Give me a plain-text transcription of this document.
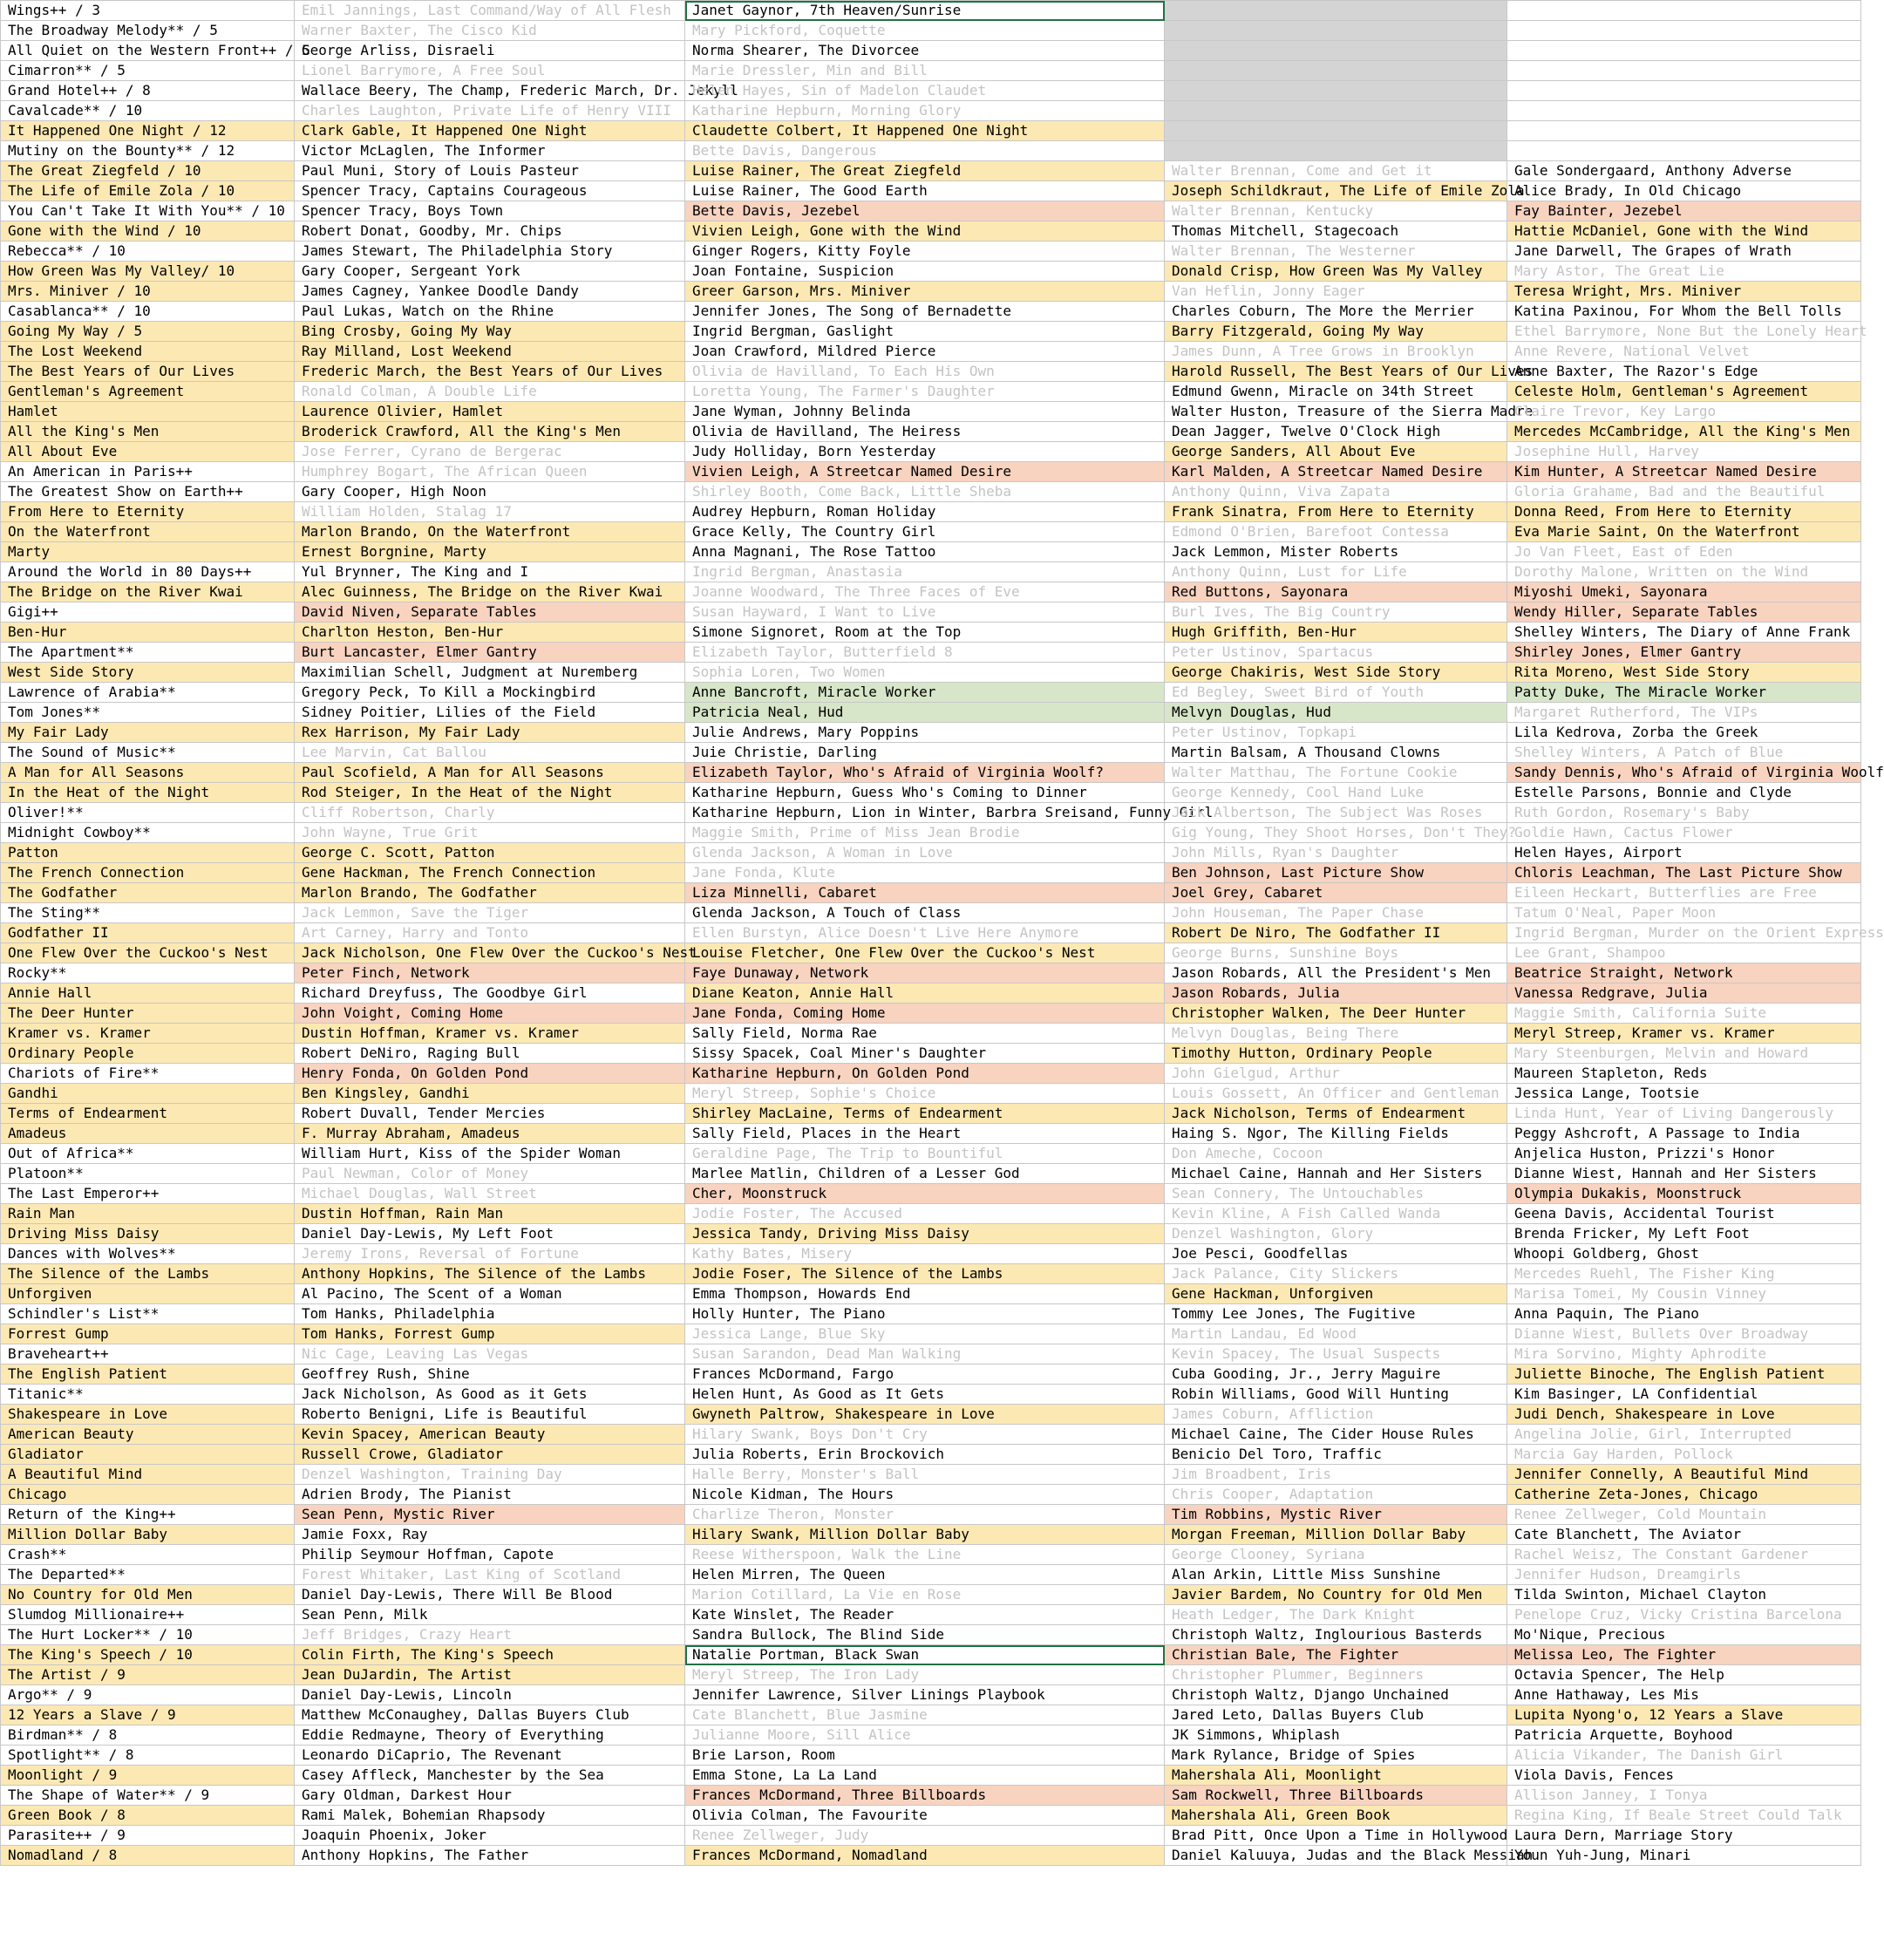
Wings++ / 3	Emil Jannings, Last Command/Way of All Flesh	Janet Gaynor, 7th Heaven/Sunrise		
The Broadway Melody** / 5	Warner Baxter, The Cisco Kid	Mary Pickford, Coquette		
All Quiet on the Western Front++ / 5	George Arliss, Disraeli	Norma Shearer, The Divorcee		
Cimarron** / 5	Lionel Barrymore, A Free Soul	Marie Dressler, Min and Bill		
Grand Hotel++ / 8	Wallace Beery, The Champ, Frederic March, Dr. Jekyll	Helen Hayes, Sin of Madelon Claudet		
Cavalcade** / 10	Charles Laughton, Private Life of Henry VIII	Katharine Hepburn, Morning Glory		
It Happened One Night / 12	Clark Gable, It Happened One Night	Claudette Colbert, It Happened One Night		
Mutiny on the Bounty** / 12	Victor McLaglen, The Informer	Bette Davis, Dangerous		
The Great Ziegfeld / 10	Paul Muni, Story of Louis Pasteur	Luise Rainer, The Great Ziegfeld	Walter Brennan, Come and Get it	Gale Sondergaard, Anthony Adverse
The Life of Emile Zola / 10	Spencer Tracy, Captains Courageous	Luise Rainer, The Good Earth	Joseph Schildkraut, The Life of Emile Zola	Alice Brady, In Old Chicago
You Can't Take It With You** / 10	Spencer Tracy, Boys Town	Bette Davis, Jezebel	Walter Brennan, Kentucky	Fay Bainter, Jezebel
Gone with the Wind / 10	Robert Donat, Goodby, Mr. Chips	Vivien Leigh, Gone with the Wind	Thomas Mitchell, Stagecoach	Hattie McDaniel, Gone with the Wind
Rebecca** / 10	James Stewart, The Philadelphia Story	Ginger Rogers, Kitty Foyle	Walter Brennan, The Westerner	Jane Darwell, The Grapes of Wrath
How Green Was My Valley/ 10	Gary Cooper, Sergeant York	Joan Fontaine, Suspicion	Donald Crisp, How Green Was My Valley	Mary Astor, The Great Lie
Mrs. Miniver / 10	James Cagney, Yankee Doodle Dandy	Greer Garson, Mrs. Miniver	Van Heflin, Jonny Eager	Teresa Wright, Mrs. Miniver
Casablanca** / 10	Paul Lukas, Watch on the Rhine	Jennifer Jones, The Song of Bernadette	Charles Coburn, The More the Merrier	Katina Paxinou, For Whom the Bell Tolls
Going My Way / 5	Bing Crosby, Going My Way	Ingrid Bergman, Gaslight	Barry Fitzgerald, Going My Way	Ethel Barrymore, None But the Lonely Heart
The Lost Weekend	Ray Milland, Lost Weekend	Joan Crawford, Mildred Pierce	James Dunn, A Tree Grows in Brooklyn	Anne Revere, National Velvet
The Best Years of Our Lives	Frederic March, the Best Years of Our Lives	Olivia de Havilland, To Each His Own	Harold Russell, The Best Years of Our Lives	Anne Baxter, The Razor's Edge
Gentleman's Agreement	Ronald Colman, A Double Life	Loretta Young, The Farmer's Daughter	Edmund Gwenn, Miracle on 34th Street	Celeste Holm, Gentleman's Agreement
Hamlet	Laurence Olivier, Hamlet	Jane Wyman, Johnny Belinda	Walter Huston, Treasure of the Sierra Madre	Claire Trevor, Key Largo
All the King's Men	Broderick Crawford, All the King's Men	Olivia de Havilland, The Heiress	Dean Jagger, Twelve O'Clock High	Mercedes McCambridge, All the King's Men
All About Eve	Jose Ferrer, Cyrano de Bergerac	Judy Holliday, Born Yesterday	George Sanders, All About Eve	Josephine Hull, Harvey
An American in Paris++	Humphrey Bogart, The African Queen	Vivien Leigh, A Streetcar Named Desire	Karl Malden, A Streetcar Named Desire	Kim Hunter, A Streetcar Named Desire
The Greatest Show on Earth++	Gary Cooper, High Noon	Shirley Booth, Come Back, Little Sheba	Anthony Quinn, Viva Zapata	Gloria Grahame, Bad and the Beautiful
From Here to Eternity	William Holden, Stalag 17	Audrey Hepburn, Roman Holiday	Frank Sinatra, From Here to Eternity	Donna Reed, From Here to Eternity
On the Waterfront	Marlon Brando, On the Waterfront	Grace Kelly, The Country Girl	Edmond O'Brien, Barefoot Contessa	Eva Marie Saint, On the Waterfront
Marty	Ernest Borgnine, Marty	Anna Magnani, The Rose Tattoo	Jack Lemmon, Mister Roberts	Jo Van Fleet, East of Eden
Around the World in 80 Days++	Yul Brynner, The King and I	Ingrid Bergman, Anastasia	Anthony Quinn, Lust for Life	Dorothy Malone, Written on the Wind
The Bridge on the River Kwai	Alec Guinness, The Bridge on the River Kwai	Joanne Woodward, The Three Faces of Eve	Red Buttons, Sayonara	Miyoshi Umeki, Sayonara
Gigi++	David Niven, Separate Tables	Susan Hayward, I Want to Live	Burl Ives, The Big Country	Wendy Hiller, Separate Tables
Ben-Hur	Charlton Heston, Ben-Hur	Simone Signoret, Room at the Top	Hugh Griffith, Ben-Hur	Shelley Winters, The Diary of Anne Frank
The Apartment**	Burt Lancaster, Elmer Gantry	Elizabeth Taylor, Butterfield 8	Peter Ustinov, Spartacus	Shirley Jones, Elmer Gantry
West Side Story	Maximilian Schell, Judgment at Nuremberg	Sophia Loren, Two Women	George Chakiris, West Side Story	Rita Moreno, West Side Story
Lawrence of Arabia**	Gregory Peck, To Kill a Mockingbird	Anne Bancroft, Miracle Worker	Ed Begley, Sweet Bird of Youth	Patty Duke, The Miracle Worker
Tom Jones**	Sidney Poitier, Lilies of the Field	Patricia Neal, Hud	Melvyn Douglas, Hud	Margaret Rutherford, The VIPs
My Fair Lady	Rex Harrison, My Fair Lady	Julie Andrews, Mary Poppins	Peter Ustinov, Topkapi	Lila Kedrova, Zorba the Greek
The Sound of Music**	Lee Marvin, Cat Ballou	Juie Christie, Darling	Martin Balsam, A Thousand Clowns	Shelley Winters, A Patch of Blue
A Man for All Seasons	Paul Scofield, A Man for All Seasons	Elizabeth Taylor, Who's Afraid of Virginia Woolf?	Walter Matthau, The Fortune Cookie	Sandy Dennis, Who's Afraid of Virginia Woolf
In the Heat of the Night	Rod Steiger, In the Heat of the Night	Katharine Hepburn, Guess Who's Coming to Dinner	George Kennedy, Cool Hand Luke	Estelle Parsons, Bonnie and Clyde
Oliver!**	Cliff Robertson, Charly	Katharine Hepburn, Lion in Winter, Barbra Sreisand, Funny Girl	Jack Albertson, The Subject Was Roses	Ruth Gordon, Rosemary's Baby
Midnight Cowboy**	John Wayne, True Grit	Maggie Smith, Prime of Miss Jean Brodie	Gig Young, They Shoot Horses, Don't They?	Goldie Hawn, Cactus Flower
Patton	George C. Scott, Patton	Glenda Jackson, A Woman in Love	John Mills, Ryan's Daughter	Helen Hayes, Airport
The French Connection	Gene Hackman, The French Connection	Jane Fonda, Klute	Ben Johnson, Last Picture Show	Chloris Leachman, The Last Picture Show
The Godfather	Marlon Brando, The Godfather	Liza Minnelli, Cabaret	Joel Grey, Cabaret	Eileen Heckart, Butterflies are Free
The Sting**	Jack Lemmon, Save the Tiger	Glenda Jackson, A Touch of Class	John Houseman, The Paper Chase	Tatum O'Neal, Paper Moon
Godfather II	Art Carney, Harry and Tonto	Ellen Burstyn, Alice Doesn't Live Here Anymore	Robert De Niro, The Godfather II	Ingrid Bergman, Murder on the Orient Express
One Flew Over the Cuckoo's Nest	Jack Nicholson, One Flew Over the Cuckoo's Nest	Louise Fletcher, One Flew Over the Cuckoo's Nest	George Burns, Sunshine Boys	Lee Grant, Shampoo
Rocky**	Peter Finch, Network	Faye Dunaway, Network	Jason Robards, All the President's Men	Beatrice Straight, Network
Annie Hall	Richard Dreyfuss, The Goodbye Girl	Diane Keaton, Annie Hall	Jason Robards, Julia	Vanessa Redgrave, Julia
The Deer Hunter	John Voight, Coming Home	Jane Fonda, Coming Home	Christopher Walken, The Deer Hunter	Maggie Smith, California Suite
Kramer vs. Kramer	Dustin Hoffman, Kramer vs. Kramer	Sally Field, Norma Rae	Melvyn Douglas, Being There	Meryl Streep, Kramer vs. Kramer
Ordinary People	Robert DeNiro, Raging Bull	Sissy Spacek, Coal Miner's Daughter	Timothy Hutton, Ordinary People	Mary Steenburgen, Melvin and Howard
Chariots of Fire**	Henry Fonda, On Golden Pond	Katharine Hepburn, On Golden Pond	John Gielgud, Arthur	Maureen Stapleton, Reds
Gandhi	Ben Kingsley, Gandhi	Meryl Streep, Sophie's Choice	Louis Gossett, An Officer and Gentleman	Jessica Lange, Tootsie
Terms of Endearment	Robert Duvall, Tender Mercies	Shirley MacLaine, Terms of Endearment	Jack Nicholson, Terms of Endearment	Linda Hunt, Year of Living Dangerously
Amadeus	F. Murray Abraham, Amadeus	Sally Field, Places in the Heart	Haing S. Ngor, The Killing Fields	Peggy Ashcroft, A Passage to India
Out of Africa**	William Hurt, Kiss of the Spider Woman	Geraldine Page, The Trip to Bountiful	Don Ameche, Cocoon	Anjelica Huston, Prizzi's Honor
Platoon**	Paul Newman, Color of Money	Marlee Matlin, Children of a Lesser God	Michael Caine, Hannah and Her Sisters	Dianne Wiest, Hannah and Her Sisters
The Last Emperor++	Michael Douglas, Wall Street	Cher, Moonstruck	Sean Connery, The Untouchables	Olympia Dukakis, Moonstruck
Rain Man	Dustin Hoffman, Rain Man	Jodie Foster, The Accused	Kevin Kline, A Fish Called Wanda	Geena Davis, Accidental Tourist
Driving Miss Daisy	Daniel Day-Lewis, My Left Foot	Jessica Tandy, Driving Miss Daisy	Denzel Washington, Glory	Brenda Fricker, My Left Foot
Dances with Wolves**	Jeremy Irons, Reversal of Fortune	Kathy Bates, Misery	Joe Pesci, Goodfellas	Whoopi Goldberg, Ghost
The Silence of the Lambs	Anthony Hopkins, The Silence of the Lambs	Jodie Foser, The Silence of the Lambs	Jack Palance, City Slickers	Mercedes Ruehl, The Fisher King
Unforgiven	Al Pacino, The Scent of a Woman	Emma Thompson, Howards End	Gene Hackman, Unforgiven	Marisa Tomei, My Cousin Vinney
Schindler's List**	Tom Hanks, Philadelphia	Holly Hunter, The Piano	Tommy Lee Jones, The Fugitive	Anna Paquin, The Piano
Forrest Gump	Tom Hanks, Forrest Gump	Jessica Lange, Blue Sky	Martin Landau, Ed Wood	Dianne Wiest, Bullets Over Broadway
Braveheart++	Nic Cage, Leaving Las Vegas	Susan Sarandon, Dead Man Walking	Kevin Spacey, The Usual Suspects	Mira Sorvino, Mighty Aphrodite
The English Patient	Geoffrey Rush, Shine	Frances McDormand, Fargo	Cuba Gooding, Jr., Jerry Maguire	Juliette Binoche, The English Patient
Titanic**	Jack Nicholson, As Good as it Gets	Helen Hunt, As Good as It Gets	Robin Williams, Good Will Hunting	Kim Basinger, LA Confidential
Shakespeare in Love	Roberto Benigni, Life is Beautiful	Gwyneth Paltrow, Shakespeare in Love	James Coburn, Affliction	Judi Dench, Shakespeare in Love
American Beauty	Kevin Spacey, American Beauty	Hilary Swank, Boys Don't Cry	Michael Caine, The Cider House Rules	Angelina Jolie, Girl, Interrupted
Gladiator	Russell Crowe, Gladiator	Julia Roberts, Erin Brockovich	Benicio Del Toro, Traffic	Marcia Gay Harden, Pollock
A Beautiful Mind	Denzel Washington, Training Day	Halle Berry, Monster's Ball	Jim Broadbent, Iris	Jennifer Connelly, A Beautiful Mind
Chicago	Adrien Brody, The Pianist	Nicole Kidman, The Hours	Chris Cooper, Adaptation	Catherine Zeta-Jones, Chicago
Return of the King++	Sean Penn, Mystic River	Charlize Theron, Monster	Tim Robbins, Mystic River	Renee Zellweger, Cold Mountain
Million Dollar Baby	Jamie Foxx, Ray	Hilary Swank, Million Dollar Baby	Morgan Freeman, Million Dollar Baby	Cate Blanchett, The Aviator
Crash**	Philip Seymour Hoffman, Capote	Reese Witherspoon, Walk the Line	George Clooney, Syriana	Rachel Weisz, The Constant Gardener
The Departed**	Forest Whitaker, Last King of Scotland	Helen Mirren, The Queen	Alan Arkin, Little Miss Sunshine	Jennifer Hudson, Dreamgirls
No Country for Old Men	Daniel Day-Lewis, There Will Be Blood	Marion Cotillard, La Vie en Rose	Javier Bardem, No Country for Old Men	Tilda Swinton, Michael Clayton
Slumdog Millionaire++	Sean Penn, Milk	Kate Winslet, The Reader	Heath Ledger, The Dark Knight	Penelope Cruz, Vicky Cristina Barcelona
The Hurt Locker** / 10	Jeff Bridges, Crazy Heart	Sandra Bullock, The Blind Side	Christoph Waltz, Inglourious Basterds	Mo'Nique, Precious
The King's Speech / 10	Colin Firth, The King's Speech	Natalie Portman, Black Swan	Christian Bale, The Fighter	Melissa Leo, The Fighter
The Artist / 9	Jean DuJardin, The Artist	Meryl Streep, The Iron Lady	Christopher Plummer, Beginners	Octavia Spencer, The Help
Argo** / 9	Daniel Day-Lewis, Lincoln	Jennifer Lawrence, Silver Linings Playbook	Christoph Waltz, Django Unchained	Anne Hathaway, Les Mis
12 Years a Slave / 9	Matthew McConaughey, Dallas Buyers Club	Cate Blanchett, Blue Jasmine	Jared Leto, Dallas Buyers Club	Lupita Nyong'o, 12 Years a Slave
Birdman** / 8	Eddie Redmayne, Theory of Everything	Julianne Moore, Sill Alice	JK Simmons, Whiplash	Patricia Arquette, Boyhood
Spotlight** / 8	Leonardo DiCaprio, The Revenant	Brie Larson, Room	Mark Rylance, Bridge of Spies	Alicia Vikander, The Danish Girl
Moonlight / 9	Casey Affleck, Manchester by the Sea	Emma Stone, La La Land	Mahershala Ali, Moonlight	Viola Davis, Fences
The Shape of Water** / 9	Gary Oldman, Darkest Hour	Frances McDormand, Three Billboards	Sam Rockwell, Three Billboards	Allison Janney, I Tonya
Green Book / 8	Rami Malek, Bohemian Rhapsody	Olivia Colman, The Favourite	Mahershala Ali, Green Book	Regina King, If Beale Street Could Talk
Parasite++ / 9	Joaquin Phoenix, Joker	Renee Zellweger, Judy	Brad Pitt, Once Upon a Time in Hollywood	Laura Dern, Marriage Story
Nomadland / 8	Anthony Hopkins, The Father	Frances McDormand, Nomadland	Daniel Kaluuya, Judas and the Black Messiah	Youn Yuh-Jung, Minari
